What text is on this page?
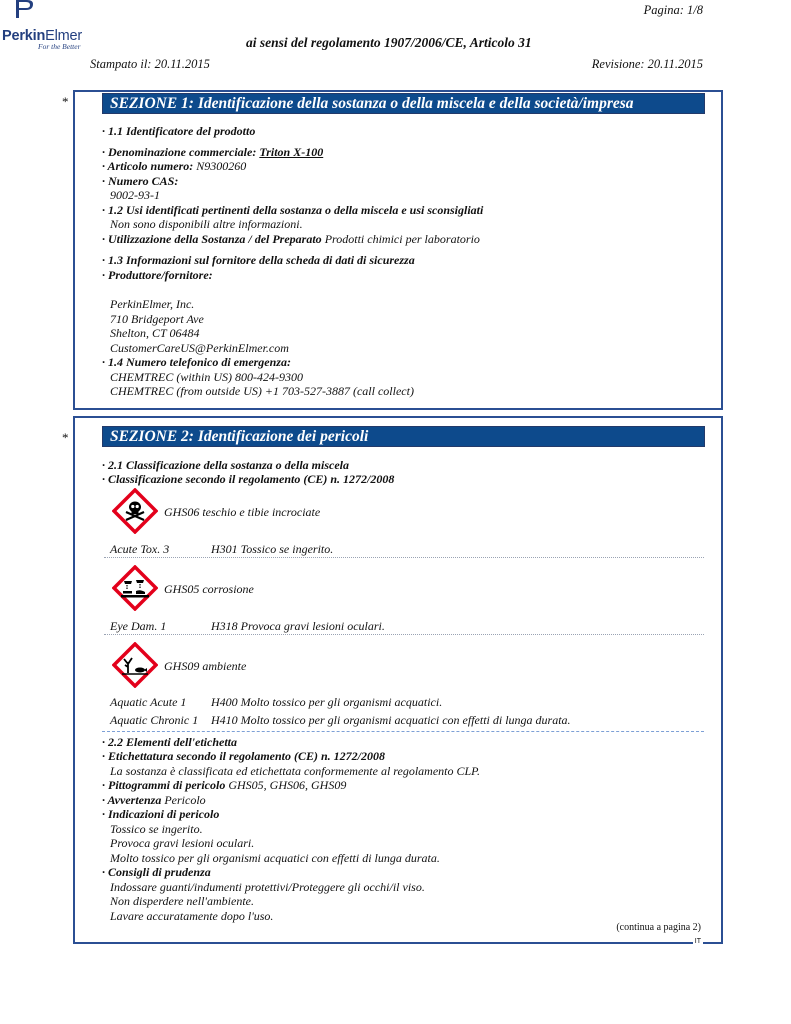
PerkinElmer
For the Better
Pagina: 1/8
ai sensi del regolamento 1907/2006/CE, Articolo 31
Stampato il: 20.11.2015	Revisione: 20.11.2015
*	SEZIONE 1: Identificazione della sostanza o della miscela e della società/impresa
· 1.1 Identificatore del prodotto
· Denominazione commerciale: Triton X-100
· Articolo numero: N9300260
· Numero CAS:
9002-93-1
· 1.2 Usi identificati pertinenti della sostanza o della miscela e usi sconsigliati
Non sono disponibili altre informazioni.
· Utilizzazione della Sostanza / del Preparato Prodotti chimici per laboratorio
· 1.3 Informazioni sul fornitore della scheda di dati di sicurezza
· Produttore/fornitore:
PerkinElmer, Inc.
710 Bridgeport Ave
Shelton, CT 06484
CustomerCareUS@PerkinElmer.com
· 1.4 Numero telefonico di emergenza:
CHEMTREC (within US) 800-424-9300
CHEMTREC (from outside US) +1 703-527-3887 (call collect)
*	SEZIONE 2: Identificazione dei pericoli
· 2.1 Classificazione della sostanza o della miscela
· Classificazione secondo il regolamento (CE) n. 1272/2008
GHS06 teschio e tibie incrociate
Acute Tox. 3	H301 Tossico se ingerito.
GHS05 corrosione
Eye Dam. 1	H318 Provoca gravi lesioni oculari.
GHS09 ambiente
Aquatic Acute 1 H400 Molto tossico per gli organismi acquatici.
Aquatic Chronic 1 H410 Molto tossico per gli organismi acquatici con effetti di lunga durata.
· 2.2 Elementi dell'etichetta
· Etichettatura secondo il regolamento (CE) n. 1272/2008
La sostanza è classificata ed etichettata conformemente al regolamento CLP.
· Pittogrammi di pericolo GHS05, GHS06, GHS09
· Avvertenza Pericolo
· Indicazioni di pericolo
Tossico se ingerito.
Provoca gravi lesioni oculari.
Molto tossico per gli organismi acquatici con effetti di lunga durata.
· Consigli di prudenza
Indossare guanti/indumenti protettivi/Proteggere gli occhi/il viso.
Non disperdere nell'ambiente.
Lavare accuratamente dopo l'uso.
(continua a pagina 2)
IT
